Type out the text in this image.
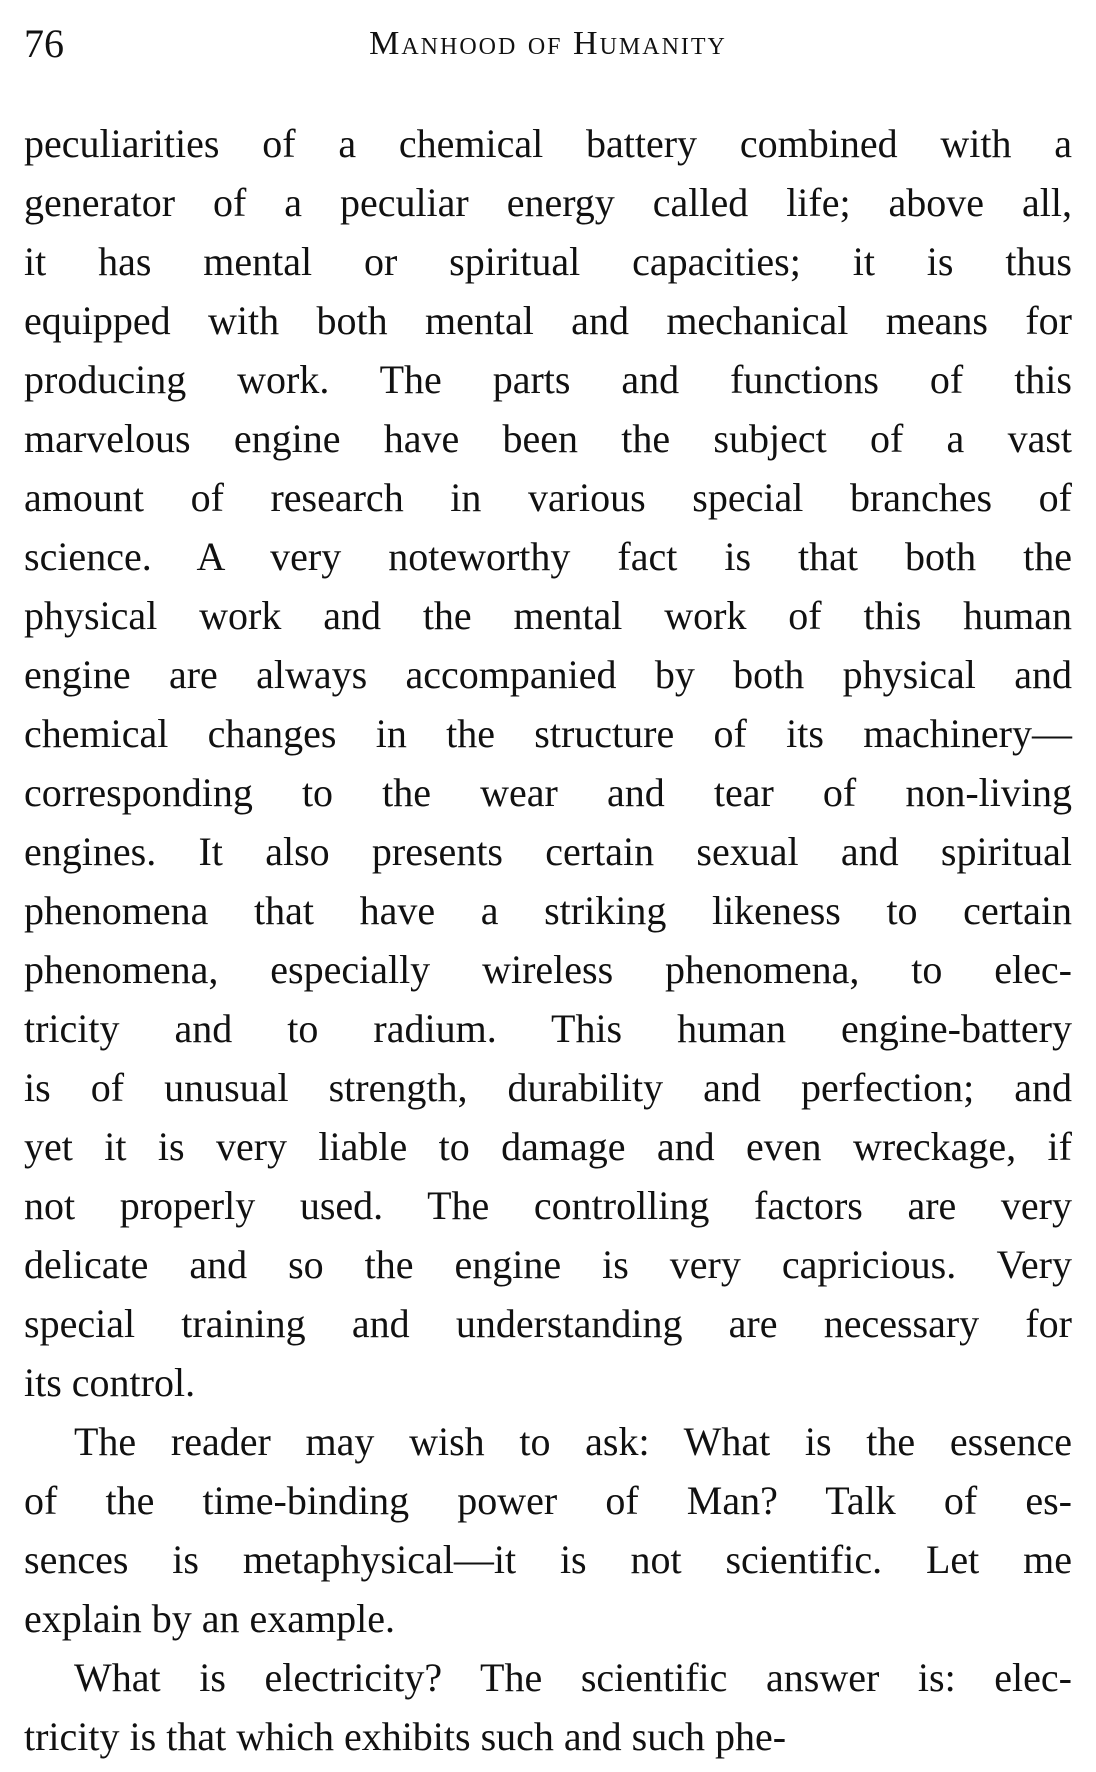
76	Manhood of Humanity
peculiarities of a chemical battery combined with a
generator of a peculiar energy called life; above all,
it has mental or spiritual capacities; it is thus
equipped with both mental and mechanical means for
producing work. The parts and functions of this
marvelous engine have been the subject of a vast
amount of research in various special branches of
science. A very noteworthy fact is that both the
physical work and the mental work of this human
engine are always accompanied by both physical and
chemical changes in the structure of its machinery—
corresponding to the wear and tear of non-living
engines. It also presents certain sexual and spiritual
phenomena that have a striking likeness to certain
phenomena, especially wireless phenomena, to elec-
tricity and to radium. This human engine-battery
is of unusual strength, durability and perfection; and
yet it is very liable to damage and even wreckage, if
not properly used. The controlling factors are very
delicate and so the engine is very capricious. Very
special training and understanding are necessary for
its control.
The reader may wish to ask: What is the essence
of the time-binding power of Man? Talk of es-
sences is metaphysical—it is not scientific. Let me
explain by an example.
What is electricity? The scientific answer is: elec-
tricity is that which exhibits such and such phe-
